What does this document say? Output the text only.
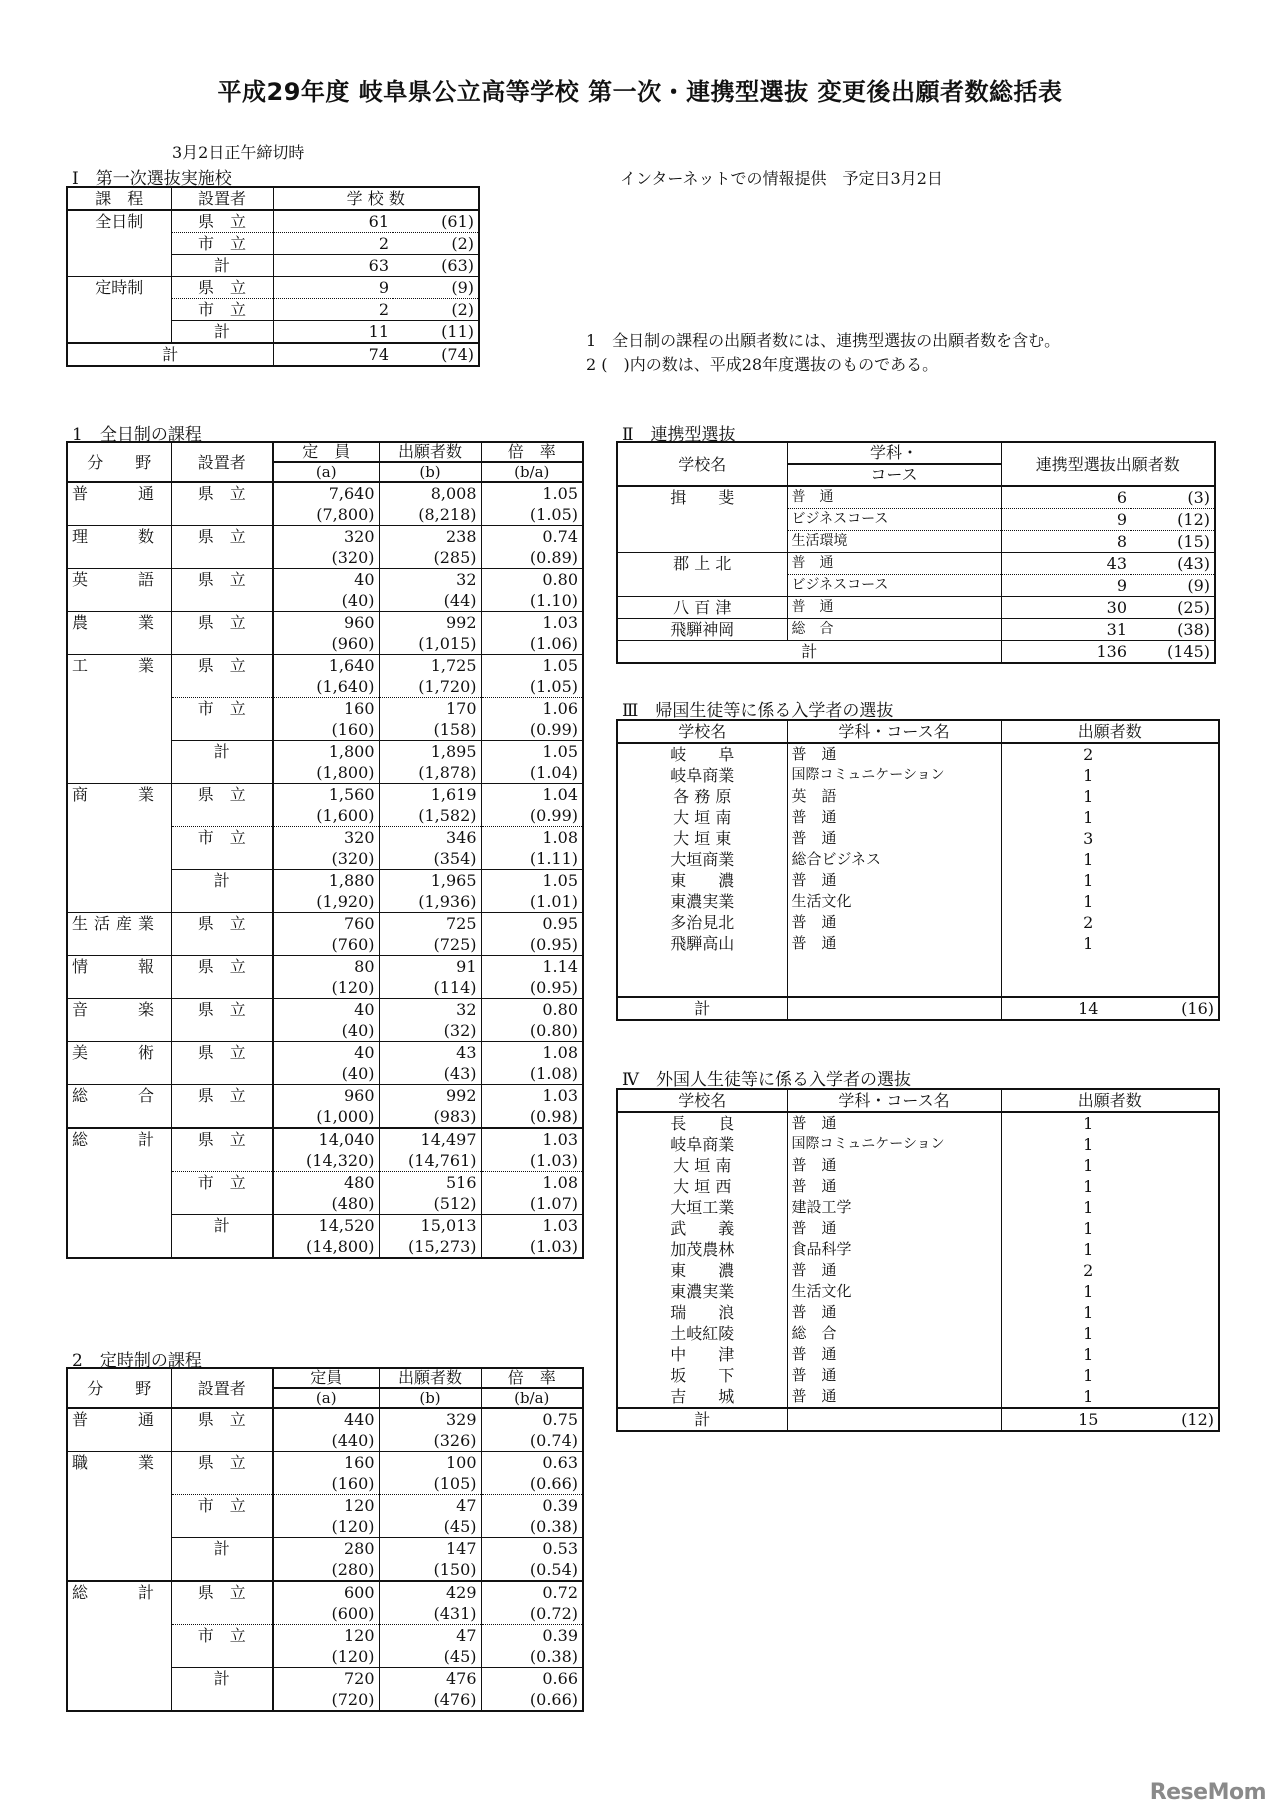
平成29年度 岐阜県公立高等学校 第一次・連携型選抜 変更後出願者数総括表
3月2日正午締切時
インターネットでの情報提供　予定日3月2日
Ⅰ　第一次選抜実施校
1　全日制の課程の出願者数には、連携型選抜の出願者数を含む。
2 (　)内の数は、平成28年度選抜のものである。
課　程	設置者	学 校 数	
全日制	県　立	61	(61)
	市　立	2	(2)
	計	63	(63)
定時制	県　立	9	(9)
	市　立	2	(2)
	計	11	(11)
計		74	(74)
1　全日制の課程
分　　野	設置者	定　員	出願者数	倍　率
		(a)	(b)	(b/a)
普　　通	県　立	7,640	8,008	1.05
		(7,800)	(8,218)	(1.05)
理　　数	県　立	320	238	0.74
		(320)	(285)	(0.89)
英　　語	県　立	40	32	0.80
		(40)	(44)	(1.10)
農　　業	県　立	960	992	1.03
		(960)	(1,015)	(1.06)
工　　業	県　立	1,640	1,725	1.05
		(1,640)	(1,720)	(1.05)
	市　立	160	170	1.06
		(160)	(158)	(0.99)
	計	1,800	1,895	1.05
		(1,800)	(1,878)	(1.04)
商　　業	県　立	1,560	1,619	1.04
		(1,600)	(1,582)	(0.99)
	市　立	320	346	1.08
		(320)	(354)	(1.11)
	計	1,880	1,965	1.05
		(1,920)	(1,936)	(1.01)
生活産業	県　立	760	725	0.95
		(760)	(725)	(0.95)
情　　報	県　立	80	91	1.14
		(120)	(114)	(0.95)
音　　楽	県　立	40	32	0.80
		(40)	(32)	(0.80)
美　　術	県　立	40	43	1.08
		(40)	(43)	(1.08)
総　　合	県　立	960	992	1.03
		(1,000)	(983)	(0.98)
総　　計	県　立	14,040	14,497	1.03
		(14,320)	(14,761)	(1.03)
	市　立	480	516	1.08
		(480)	(512)	(1.07)
	計	14,520	15,013	1.03
		(14,800)	(15,273)	(1.03)
2　定時制の課程
分　　野	設置者	定員	出願者数	倍　率
		(a)	(b)	(b/a)
普　　通	県　立	440	329	0.75
		(440)	(326)	(0.74)
職　　業	県　立	160	100	0.63
		(160)	(105)	(0.66)
	市　立	120	47	0.39
		(120)	(45)	(0.38)
	計	280	147	0.53
		(280)	(150)	(0.54)
総　　計	県　立	600	429	0.72
		(600)	(431)	(0.72)
	市　立	120	47	0.39
		(120)	(45)	(0.38)
	計	720	476	0.66
		(720)	(476)	(0.66)
Ⅱ　連携型選抜
学校名	学科・	連携型選抜出願者数	
	コース		
揖　　斐	普　通	6	(3)
	ビジネスコース	9	(12)
	生活環境	8	(15)
郡 上 北	普　通	43	(43)
	ビジネスコース	9	(9)
八 百 津	普　通	30	(25)
飛騨神岡	総　合	31	(38)
計		136	(145)
Ⅲ　帰国生徒等に係る入学者の選抜
学校名	学科・コース名	出願者数	
岐　　阜	普　通	2	
岐阜商業	国際コミュニケーション	1	
各 務 原	英　語	1	
大 垣 南	普　通	1	
大 垣 東	普　通	3	
大垣商業	総合ビジネス	1	
東　　濃	普　通	1	
東濃実業	生活文化	1	
多治見北	普　通	2	
飛騨高山	普　通	1	

計		14	(16)
Ⅳ　外国人生徒等に係る入学者の選抜
学校名	学科・コース名	出願者数	
長　　良	普　通	1	
岐阜商業	国際コミュニケーション	1	
大 垣 南	普　通	1	
大 垣 西	普　通	1	
大垣工業	建設工学	1	
武　　義	普　通	1	
加茂農林	食品科学	1	
東　　濃	普　通	2	
東濃実業	生活文化	1	
瑞　　浪	普　通	1	
土岐紅陵	総　合	1	
中　　津	普　通	1	
坂　　下	普　通	1	
吉　　城	普　通	1	
計		15	(12)
ReseMom
